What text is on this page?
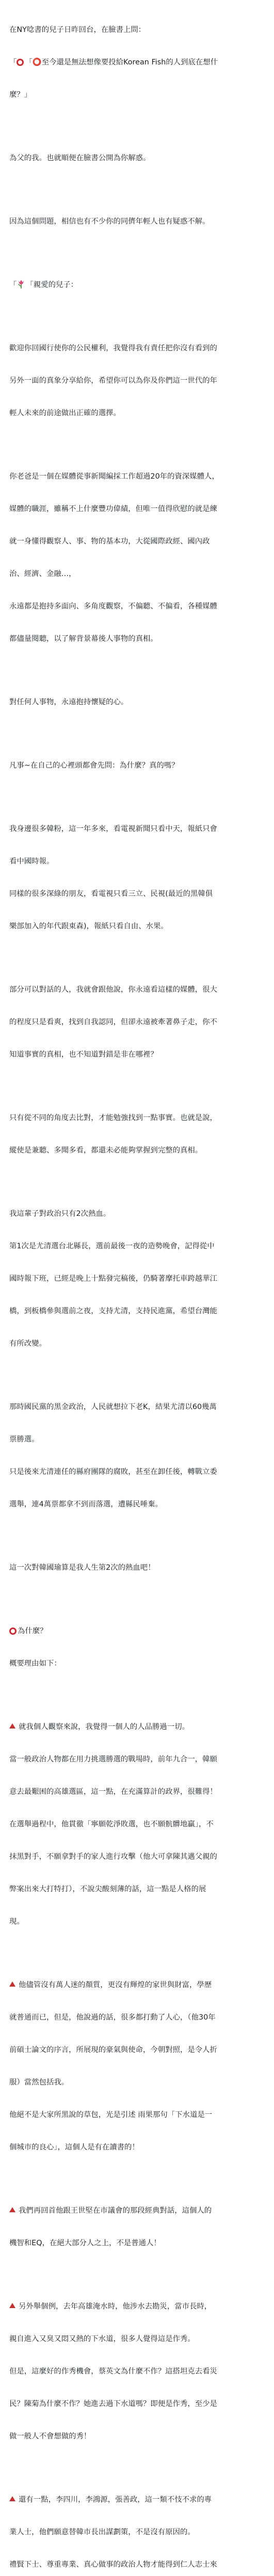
在NY唸書的兒子日昨回台，在臉書上問：

「 「⭕至今還是無法想像要投給Korean Fish的人到底在想什

麼？」

為父的我。也就順便在臉書公開為你解惑。

因為這個問題，相信也有不少你的同儕年輕人也有疑惑不解。

「 「親愛的兒子：

歡迎你回國行使你的公民權利，我覺得我有責任把你沒有看到的

另外一面的真象分享給你，希望你可以為你及你們這一世代的年

輕人未來的前途做出正確的選擇。

你老爸是一個在媒體從事新聞編採工作超過20年的資深媒體人，

媒體的職涯，雖稱不上什麼豐功偉績，但唯一值得欣慰的就是練

就一身懂得觀察人、事、物的基本功，大從國際政經、國內政

治、經濟、金融…，

永遠都是抱持多面向、多角度觀察，不偏聽、不偏看，各種媒體

都儘量閱聽，以了解背景幕後人事物的真相。

對任何人事物，永遠抱持懷疑的心。

凡事~在自己的心裡頭都會先問：為什麼？真的嗎？

我身邊很多韓粉，這一年多來，看電視新聞只看中天，報紙只會

看中國時報。

同樣的很多深綠的朋友，看電視只看三立、民視(最近的黑韓俱

樂部加入的年代跟東森)，報紙只看自由、水果。

部分可以對話的人，我就會跟他說，你永遠看這樣的媒體，很大

的程度只是看爽，找到自我認同，但卻永遠被牽著鼻子走，你不

知道事實的真相，也不知道對錯是非在哪裡？

只有從不同的角度去比對，才能勉強找到一點事實。也就是說，

縱使是兼聽、多聞多看，都還未必能夠掌握到完整的真相。

我這輩子對政治只有2次熱血。

第1次是尤清選台北縣長，選前最後一夜的造勢晚會，記得從中

國時報下班，已經是晚上十點發完稿後，仍騎著摩托車跨越華江

橋，到板橋參與選前之夜，支持尤清，支持民進黨，希望台灣能

有所改變。

那時國民黨的黑金政治，人民就想拉下老K，結果尤清以60幾萬

票勝選。

只是後來尤清連任的縣府團隊的腐敗，甚至在卸任後，轉戰立委

選舉，連4萬票都拿不到而落選，遭縣民唾棄。

這一次對韓國瑜算是我人生第2次的熱血吧！

為什麼？

概要理由如下：

就我個人觀察來說，我覺得一個人的人品勝過一切。

當一般政治人物都在用力挑選勝選的戰場時，前年九合一，韓願

意去最艱困的高雄選區，這一點，在充滿算計的政界，很難得！

在選舉過程中，他貫徹「寧願乾淨敗選，也不願骯髒地贏」，不

抹黑對手，不願拿對手的家人進行攻擊（他大可拿陳其邁父親的

弊案出來大打特打），不說尖酸刻薄的話，這一點是人格的展

現。

他儘管沒有萬人迷的顏質，更沒有輝煌的家世與財富，學歷

就普通而已，但是，他說過的話，很多都打動了人心，（他30年

前碩士論文的序言，所展現的豪氣與使命，今朝對照，是令人折

服）當然包括我。

他絕不是大家所黑說的草包，光是引述 雨果那句「下水道是一

個城市的良心」，這個人是有在讀書的！

我們再回首他跟王世堅在市議會的那段經典對話，這個人的

機智和EQ，在絕大部分人之上，不是普通人！

另外舉個例，去年高雄淹水時，他涉水去勘災，當市長時，

親自進入又臭又悶又熱的下水道，很多人覺得這是作秀。

但是，這麼好的作秀機會，蔡英文為什麼不作？這搭坦克去看災

民？陳菊為什麼不作？她進去過下水道嗎？即便是作秀，至少是

做一般人不會想做的秀！

還有一點，李四川，李鴻源，張善政，這一類不忮不求的專

業人士，他們願意替韓市長出謀劃策，不是沒有原因的。

禮賢下士、尊重專業、真心做事的政治人物才能得到仁人志士來
